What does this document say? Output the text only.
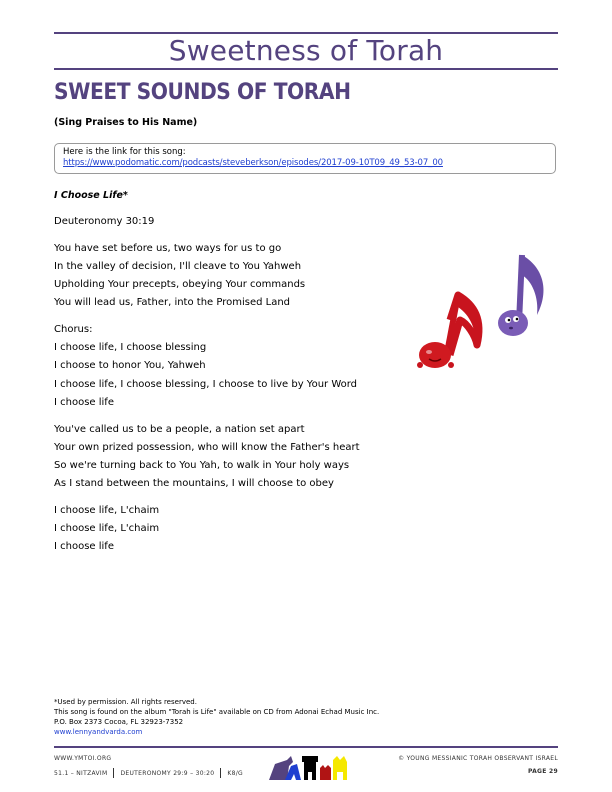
Sweetness of Torah
SWEET SOUNDS OF TORAH
(Sing Praises to His Name)
Here is the link for this song:
https://www.podomatic.com/podcasts/steveberkson/episodes/2017-09-10T09_49_53-07_00
I Choose Life*
Deuteronomy 30:19
You have set before us, two ways for us to go
In the valley of decision, I'll cleave to You Yahweh
Upholding Your precepts, obeying Your commands
You will lead us, Father, into the Promised Land
Chorus:
I choose life, I choose blessing
I choose to honor You, Yahweh
I choose life, I choose blessing, I choose to live by Your Word
I choose life
You've called us to be a people, a nation set apart
Your own prized possession, who will know the Father's heart
So we're turning back to You Yah, to walk in Your holy ways
As I stand between the mountains, I will choose to obey
I choose life, L'chaim
I choose life, L'chaim
I choose life
*Used by permission. All rights reserved.
This song is found on the album "Torah is Life" available on CD from Adonai Echad Music Inc.
P.O. Box 2373 Cocoa, FL 32923-7352
www.lennyandvarda.com
WWW.YMTOI.ORG
51.1 – NITZAVIM DEUTERONOMY 29:9 – 30:20 K8/G
© YOUNG MESSIANIC TORAH OBSERVANT ISRAEL
PAGE 29
